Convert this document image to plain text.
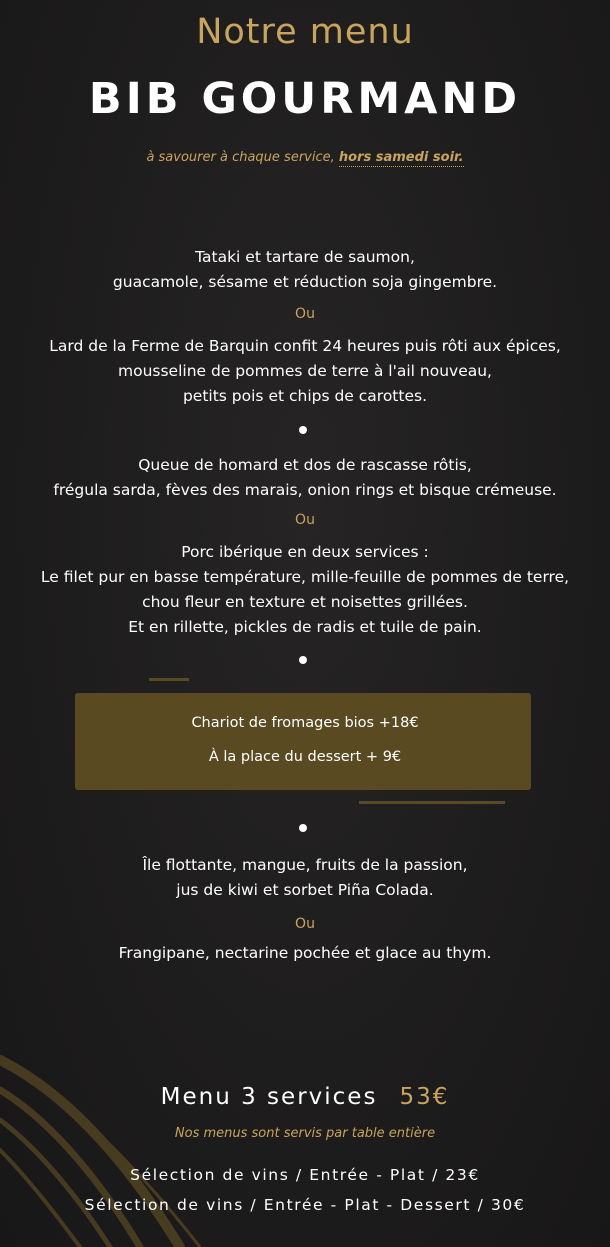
Notre menu
BIB GOURMAND
à savourer à chaque service, hors samedi soir.
Tataki et tartare de saumon,
guacamole, sésame et réduction soja gingembre.
Ou
Lard de la Ferme de Barquin confit 24 heures puis rôti aux épices,
mousseline de pommes de terre à l'ail nouveau,
petits pois et chips de carottes.
Queue de homard et dos de rascasse rôtis,
frégula sarda, fèves des marais, onion rings et bisque crémeuse.
Ou
Porc ibérique en deux services :
Le filet pur en basse température, mille-feuille de pommes de terre,
chou fleur en texture et noisettes grillées.
Et en rillette, pickles de radis et tuile de pain.
Chariot de fromages bios +18€
À la place du dessert + 9€
Île flottante, mangue, fruits de la passion,
jus de kiwi et sorbet Piña Colada.
Ou
Frangipane, nectarine pochée et glace au thym.
Menu 3 services 53€
Nos menus sont servis par table entière
Sélection de vins / Entrée - Plat / 23€
Sélection de vins / Entrée - Plat - Dessert / 30€
